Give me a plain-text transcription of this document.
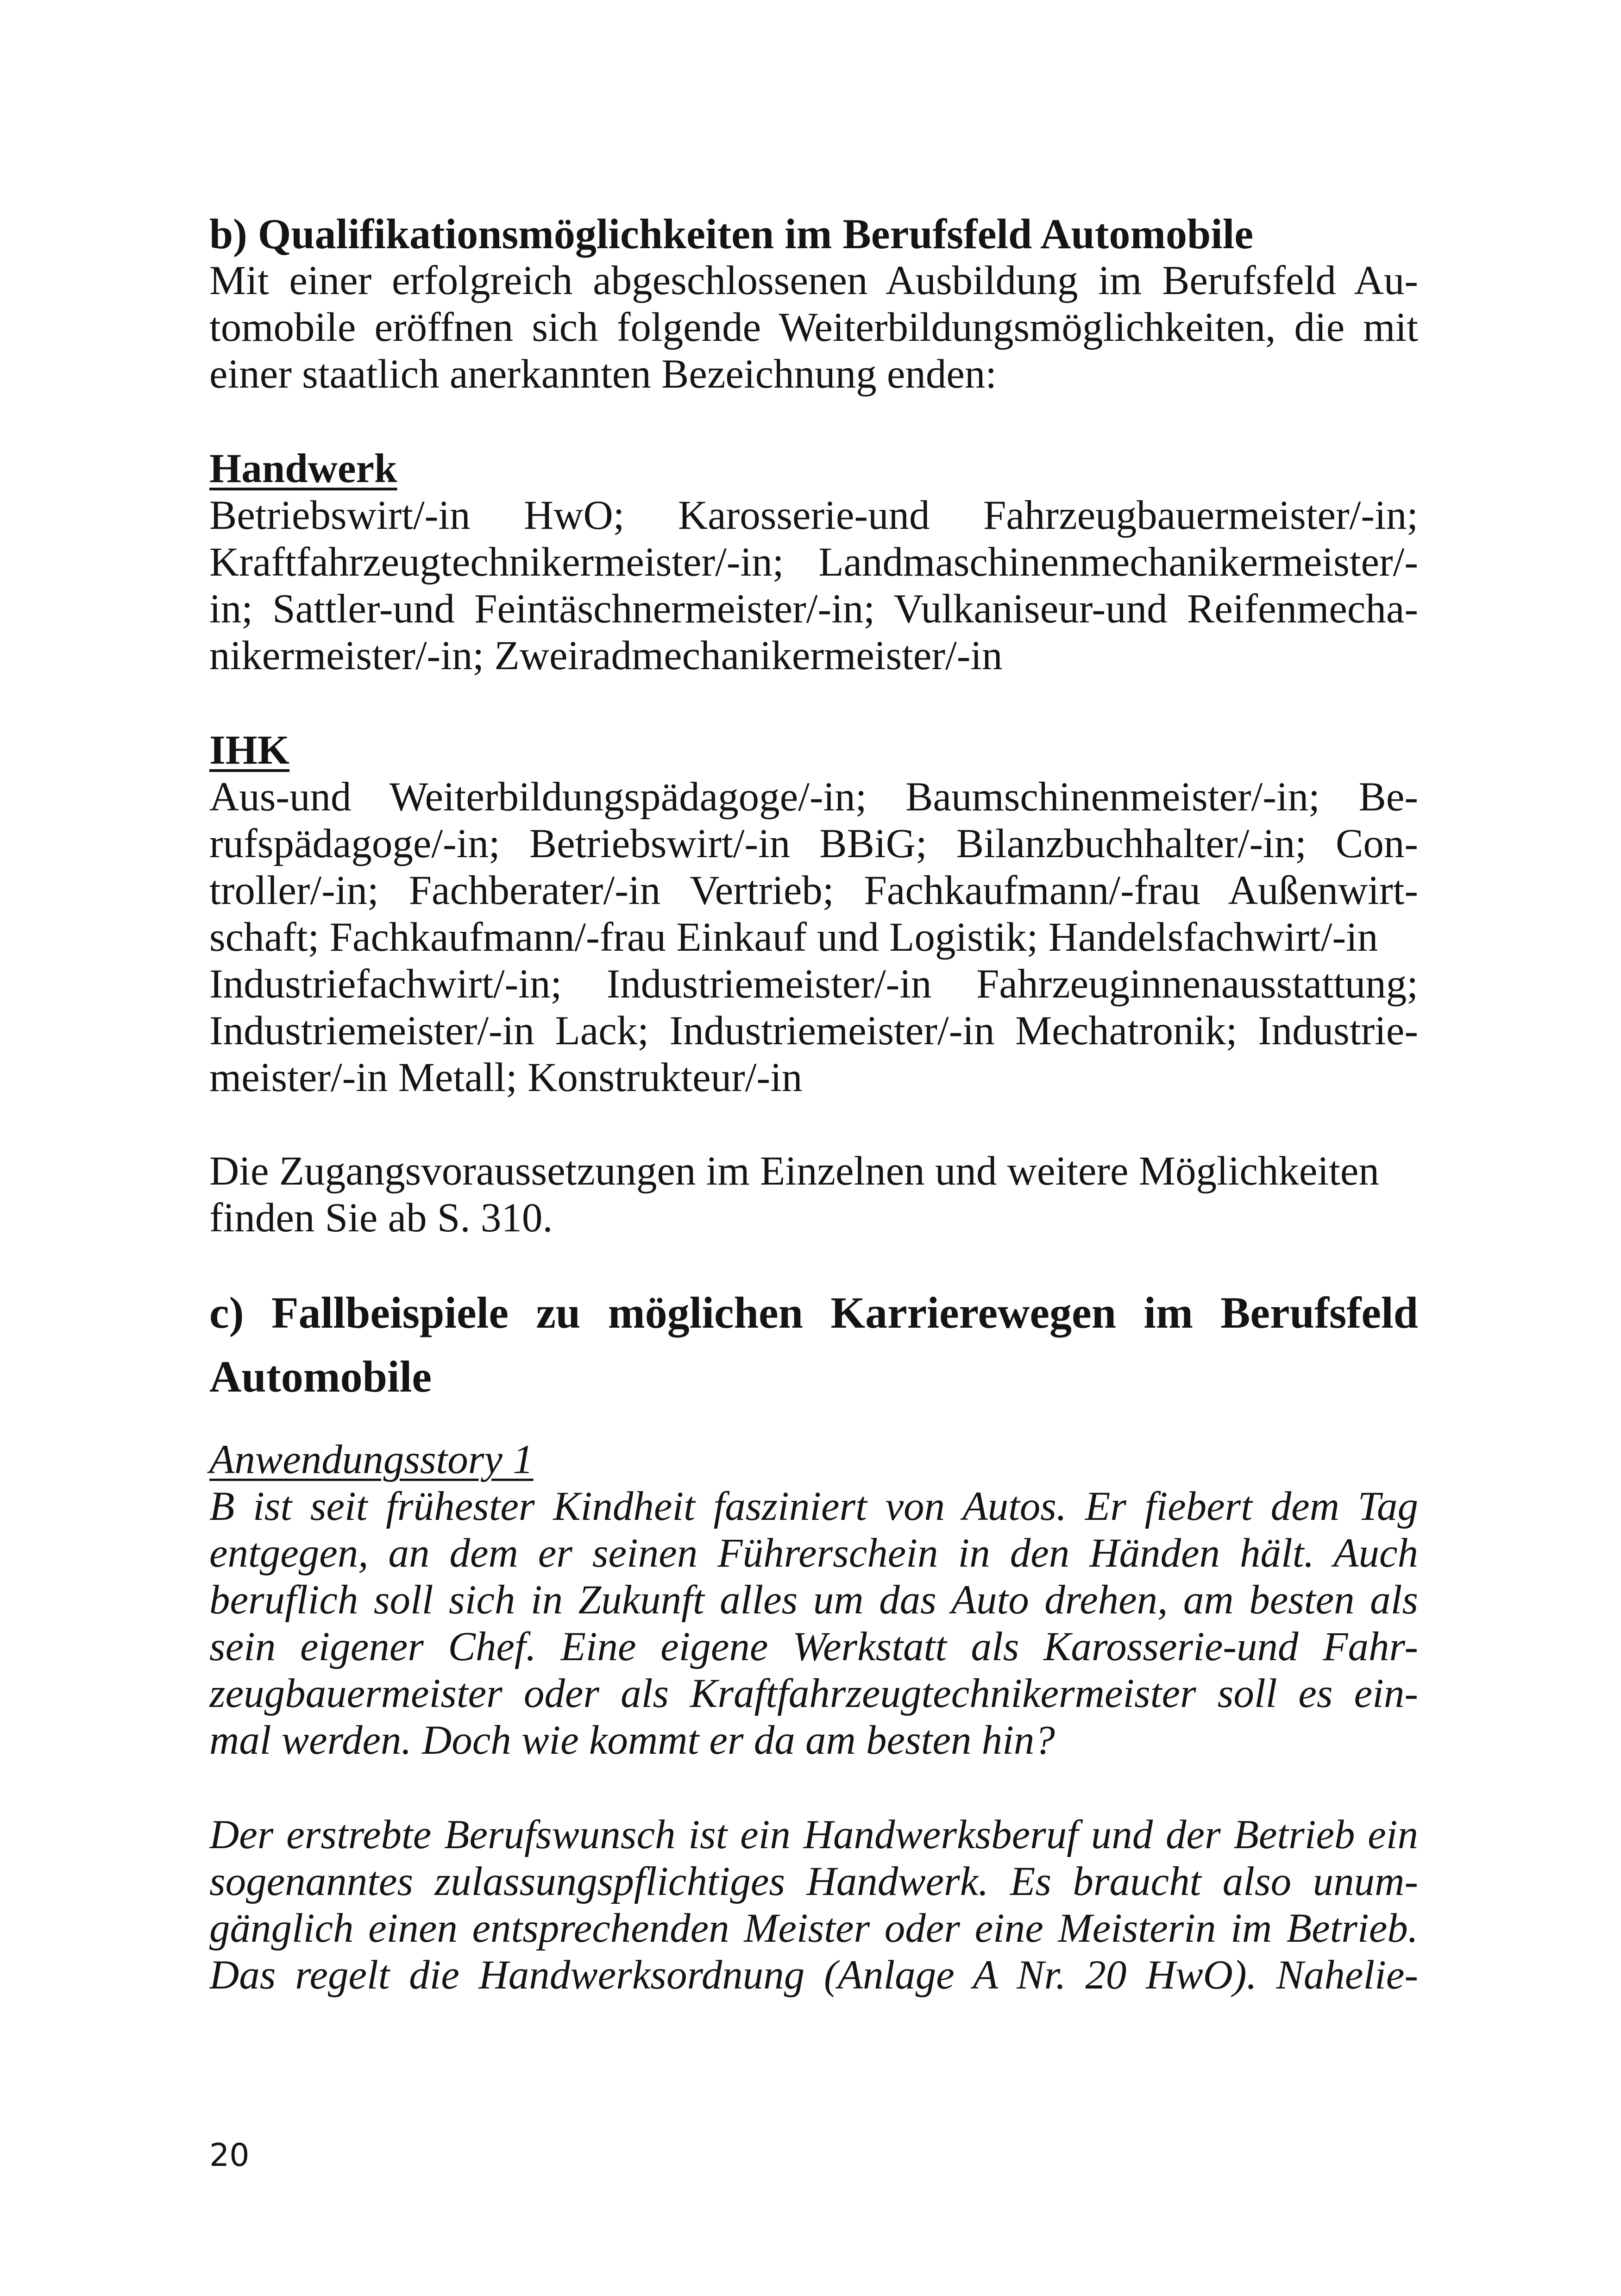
b) Qualifikationsmöglichkeiten im Berufsfeld Automobile
Mit einer erfolgreich abgeschlossenen Ausbildung im Berufsfeld Au-
tomobile eröffnen sich folgende Weiterbildungsmöglichkeiten, die mit
einer staatlich anerkannten Bezeichnung enden:
Handwerk
Betriebswirt/-in HwO; Karosserie-und Fahrzeugbauermeister/-in;
Kraftfahrzeugtechnikermeister/-in; Landmaschinenmechanikermeister/-
in; Sattler-und Feintäschnermeister/-in; Vulkaniseur-und Reifenmecha-
nikermeister/-in; Zweiradmechanikermeister/-in
IHK
Aus-und Weiterbildungspädagoge/-in; Baumschinenmeister/-in; Be-
rufspädagoge/-in; Betriebswirt/-in BBiG; Bilanzbuchhalter/-in; Con-
troller/-in; Fachberater/-in Vertrieb; Fachkaufmann/-frau Außenwirt-
schaft; Fachkaufmann/-frau Einkauf und Logistik; Handelsfachwirt/-in
Industriefachwirt/-in; Industriemeister/-in Fahrzeuginnenausstattung;
Industriemeister/-in Lack; Industriemeister/-in Mechatronik; Industrie-
meister/-in Metall; Konstrukteur/-in
Die Zugangsvoraussetzungen im Einzelnen und weitere Möglichkeiten
finden Sie ab S. 310.
c) Fallbeispiele zu möglichen Karrierewegen im Berufsfeld
Automobile
Anwendungsstory 1
B ist seit frühester Kindheit fasziniert von Autos. Er fiebert dem Tag
entgegen, an dem er seinen Führerschein in den Händen hält. Auch
beruflich soll sich in Zukunft alles um das Auto drehen, am besten als
sein eigener Chef. Eine eigene Werkstatt als Karosserie-und Fahr-
zeugbauermeister oder als Kraftfahrzeugtechnikermeister soll es ein-
mal werden. Doch wie kommt er da am besten hin?
Der erstrebte Berufswunsch ist ein Handwerksberuf und der Betrieb ein
sogenanntes zulassungspflichtiges Handwerk. Es braucht also unum-
gänglich einen entsprechenden Meister oder eine Meisterin im Betrieb.
Das regelt die Handwerksordnung (Anlage A Nr. 20 HwO). Nahelie-
20
